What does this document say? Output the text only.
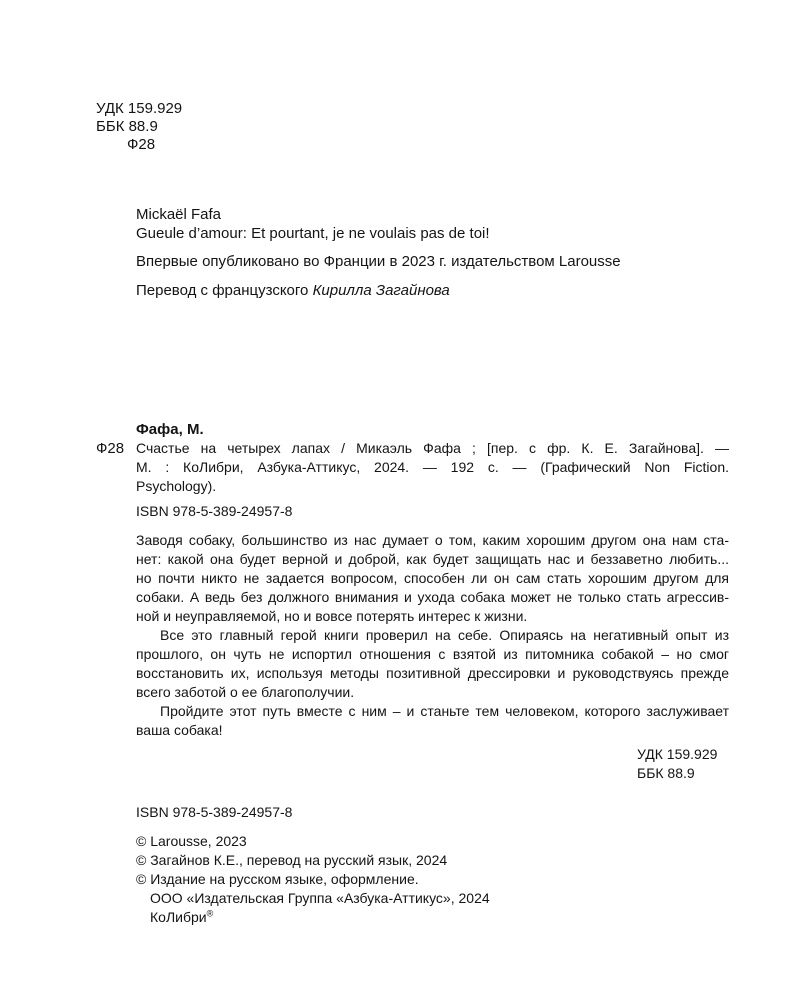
УДК 159.929
ББК 88.9
Ф28
Mickaël Fafa
Gueule d’amour: Et pourtant, je ne voulais pas de toi!
Впервые опубликовано во Франции в 2023 г. издательством Larousse
Перевод с французского Кирилла Загайнова
Фафа, М.
Ф28 Счастье на четырех лапах / Микаэль Фафа ; [пер. с фр. К. Е. Загайнова]. —
М. : КоЛибри, Азбука-Аттикус, 2024. — 192 с. — (Графический Non Fiction.
Psychology).
ISBN 978-5-389-24957-8
Заводя собаку, большинство из нас думает о том, каким хорошим другом она нам ста-
нет: какой она будет верной и доброй, как будет защищать нас и беззаветно любить...
но почти никто не задается вопросом, способен ли он сам стать хорошим другом для
собаки. А ведь без должного внимания и ухода собака может не только стать агрессив-
ной и неуправляемой, но и вовсе потерять интерес к жизни.
Все это главный герой книги проверил на себе. Опираясь на негативный опыт из
прошлого, он чуть не испортил отношения с взятой из питомника собакой – но смог
восстановить их, используя методы позитивной дрессировки и руководствуясь прежде
всего заботой о ее благополучии.
Пройдите этот путь вместе с ним – и станьте тем человеком, которого заслуживает
ваша собака!
УДК 159.929
ББК 88.9
ISBN 978-5-389-24957-8
© Larousse, 2023
© Загайнов К.Е., перевод на русский язык, 2024
© Издание на русском языке, оформление.
ООО «Издательская Группа «Азбука-Аттикус», 2024
КоЛибри®
